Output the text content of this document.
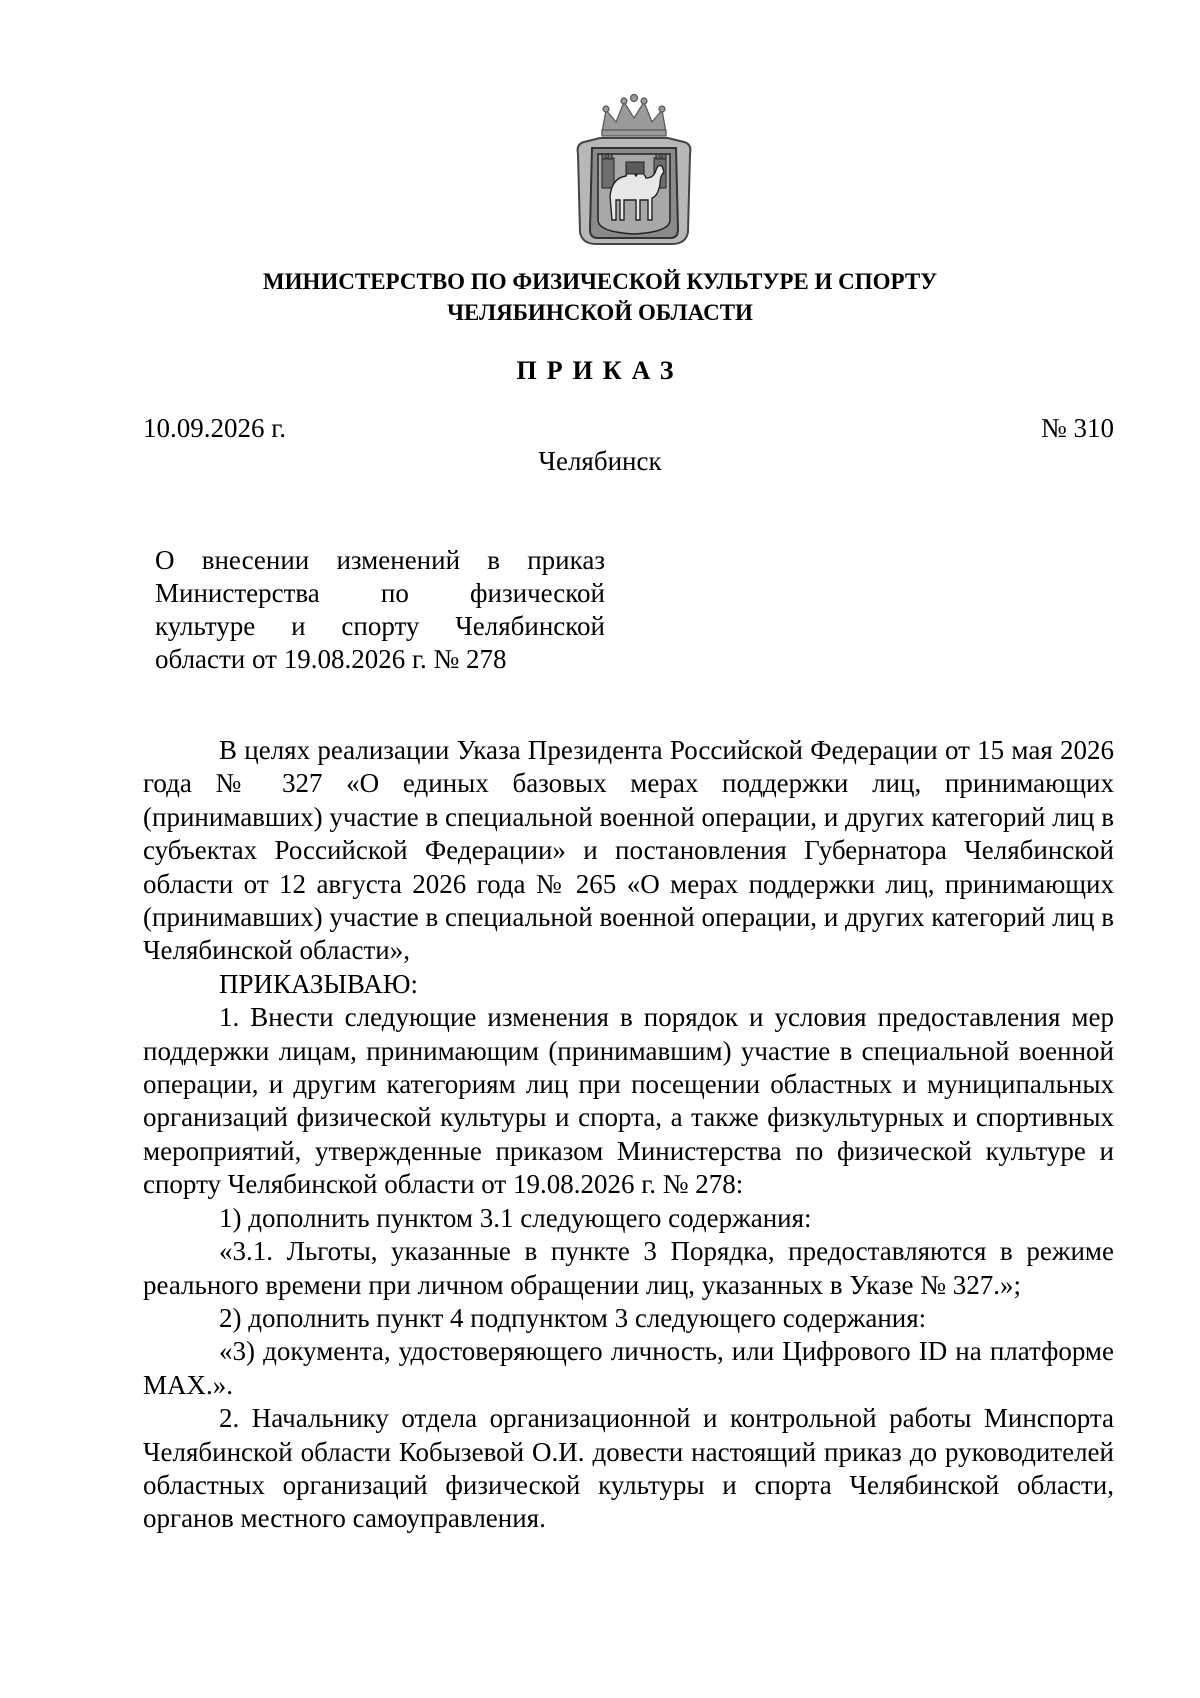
МИНИСТЕРСТВО ПО ФИЗИЧЕСКОЙ КУЛЬТУРЕ И СПОРТУ
ЧЕЛЯБИНСКОЙ ОБЛАСТИ
ПРИКАЗ
10.09.2026 г.	№ 310
Челябинск
О внесении изменений в приказ
Министерства по физической
культуре и спорту Челябинской
области от 19.08.2026 г. № 278

В целях реализации Указа Президента Российской Федерации от 15 мая 2026 года № 327 «О единых базовых мерах поддержки лиц, принимающих (принимавших) участие в специальной военной операции, и других категорий лиц в субъектах Российской Федерации» и постановления Губернатора Челябинской области от 12 августа 2026 года № 265 «О мерах поддержки лиц, принимающих (принимавших) участие в специальной военной операции, и других категорий лиц в Челябинской области»,

ПРИКАЗЫВАЮ:

1. Внести следующие изменения в порядок и условия предоставления мер поддержки лицам, принимающим (принимавшим) участие в специальной военной операции, и другим категориям лиц при посещении областных и муниципальных организаций физической культуры и спорта, а также физкультурных и спортивных мероприятий, утвержденные приказом Министерства по физической культуре и спорту Челябинской области от 19.08.2026 г. № 278:

1) дополнить пунктом 3.1 следующего содержания:

«3.1. Льготы, указанные в пункте 3 Порядка, предоставляются в режиме реального времени при личном обращении лиц, указанных в Указе № 327.»;

2) дополнить пункт 4 подпунктом 3 следующего содержания:

«3) документа, удостоверяющего личность, или Цифрового ID на платформе MAX.».

2. Начальнику отдела организационной и контрольной работы Минспорта Челябинской области Кобызевой О.И. довести настоящий приказ до руководителей областных организаций физической культуры и спорта Челябинской области, органов местного самоуправления.
